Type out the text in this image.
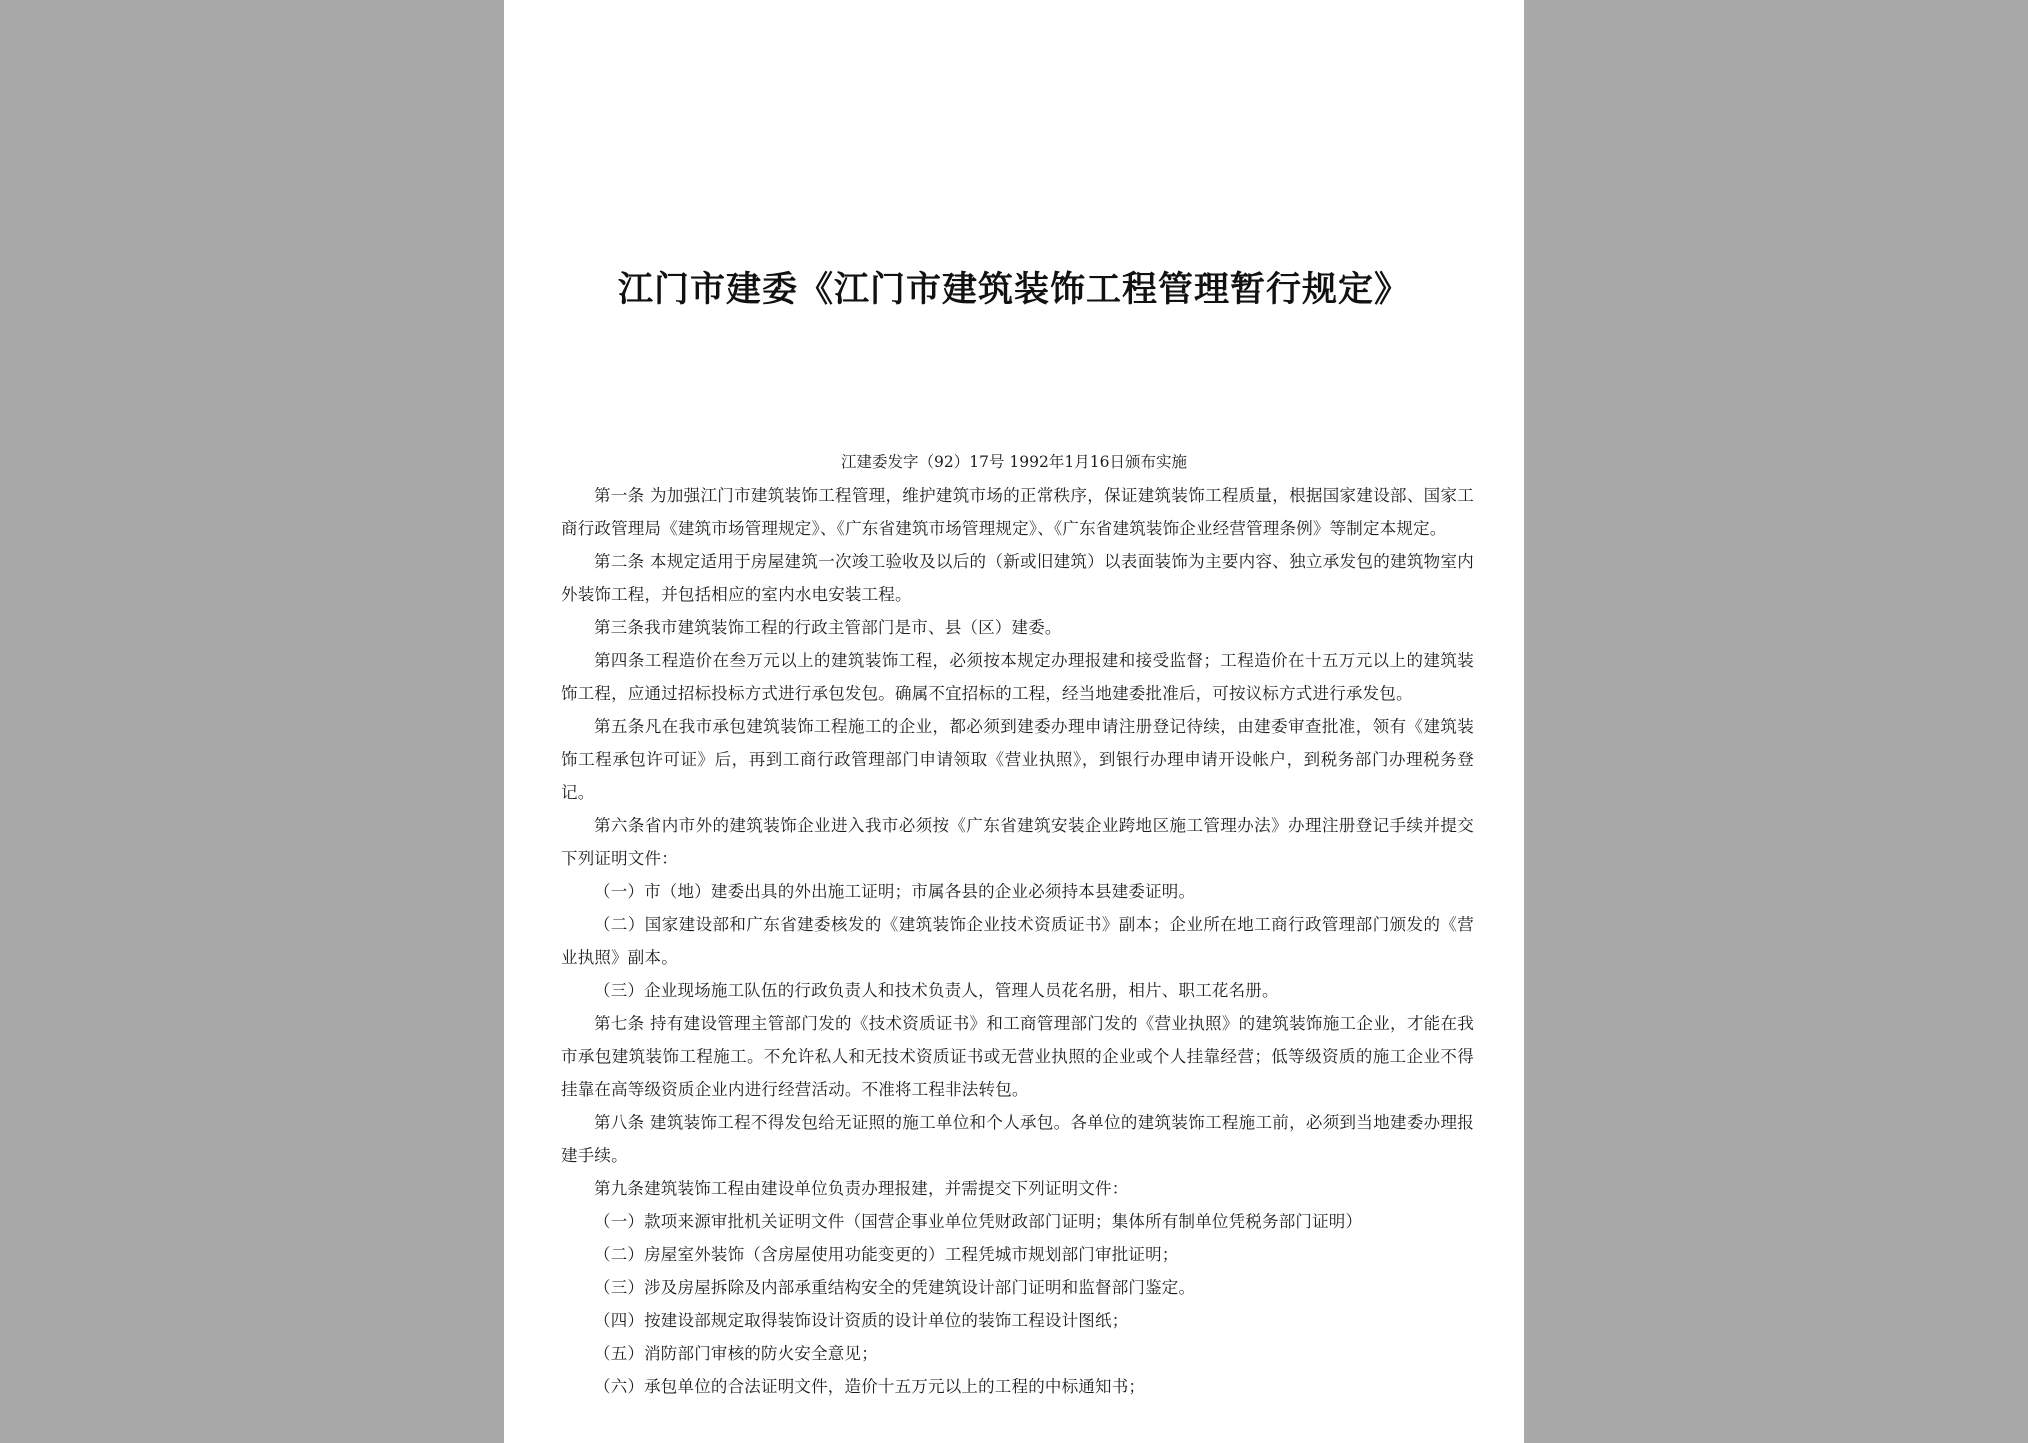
江门市建委《江门市建筑装饰工程管理暂行规定》

江建委发字（92）17号 1992年1月16日颁布实施

第一条 为加强江门市建筑装饰工程管理，维护建筑市场的正常秩序，保证建筑装饰工程质量，根据国家建设部、国家工商行政管理局《建筑市场管理规定》、《广东省建筑市场管理规定》、《广东省建筑装饰企业经营管理条例》等制定本规定。

第二条 本规定适用于房屋建筑一次竣工验收及以后的（新或旧建筑）以表面装饰为主要内容、独立承发包的建筑物室内外装饰工程，并包括相应的室内水电安装工程。

第三条我市建筑装饰工程的行政主管部门是市、县（区）建委。

第四条工程造价在叁万元以上的建筑装饰工程，必须按本规定办理报建和接受监督；工程造价在十五万元以上的建筑装饰工程，应通过招标投标方式进行承包发包。确属不宜招标的工程，经当地建委批准后，可按议标方式进行承发包。

第五条凡在我市承包建筑装饰工程施工的企业，都必须到建委办理申请注册登记待续，由建委审查批准，领有《建筑装饰工程承包许可证》后，再到工商行政管理部门申请领取《营业执照》，到银行办理申请开设帐户，到税务部门办理税务登记。

第六条省内市外的建筑装饰企业进入我市必须按《广东省建筑安装企业跨地区施工管理办法》办理注册登记手续并提交下列证明文件：

（一）市（地）建委出具的外出施工证明；市属各县的企业必须持本县建委证明。

（二）国家建设部和广东省建委核发的《建筑装饰企业技术资质证书》副本；企业所在地工商行政管理部门颁发的《营业执照》副本。

（三）企业现场施工队伍的行政负责人和技术负责人，管理人员花名册，相片、职工花名册。

第七条 持有建设管理主管部门发的《技术资质证书》和工商管理部门发的《营业执照》的建筑装饰施工企业，才能在我市承包建筑装饰工程施工。不允许私人和无技术资质证书或无营业执照的企业或个人挂靠经营；低等级资质的施工企业不得挂靠在高等级资质企业内进行经营活动。不准将工程非法转包。

第八条 建筑装饰工程不得发包给无证照的施工单位和个人承包。各单位的建筑装饰工程施工前，必须到当地建委办理报建手续。

第九条建筑装饰工程由建设单位负责办理报建，并需提交下列证明文件：

（一）款项来源审批机关证明文件（国营企事业单位凭财政部门证明；集体所有制单位凭税务部门证明）

（二）房屋室外装饰（含房屋使用功能变更的）工程凭城市规划部门审批证明；

（三）涉及房屋拆除及内部承重结构安全的凭建筑设计部门证明和监督部门鉴定。

（四）按建设部规定取得装饰设计资质的设计单位的装饰工程设计图纸；

（五）消防部门审核的防火安全意见；

（六）承包单位的合法证明文件，造价十五万元以上的工程的中标通知书；
